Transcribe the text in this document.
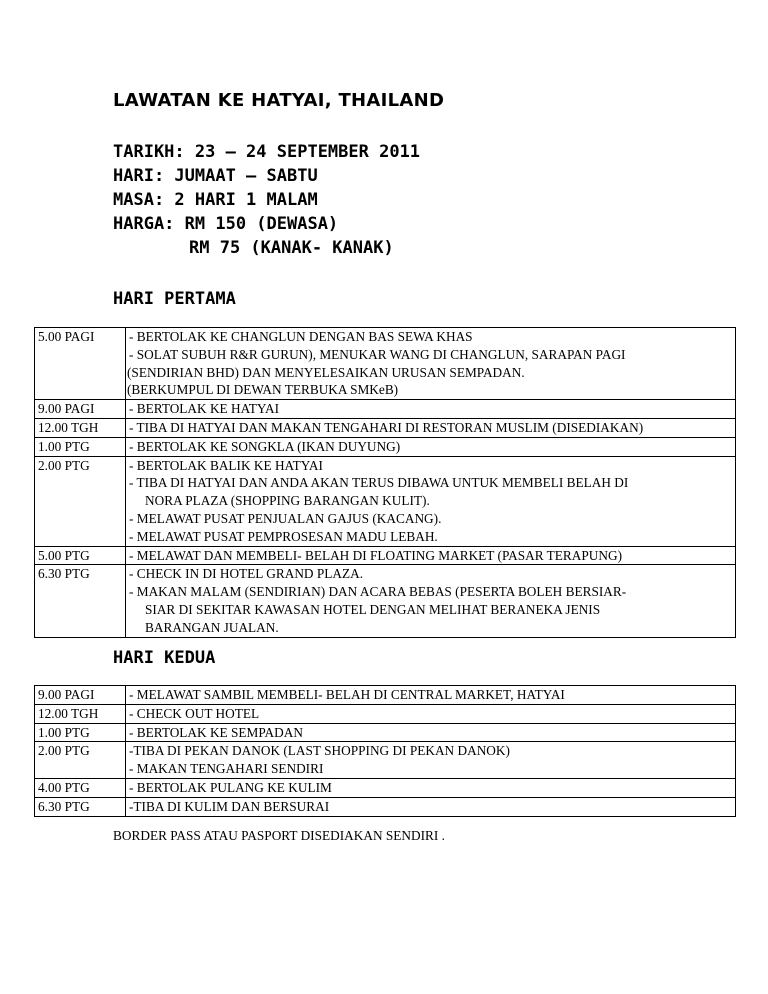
LAWATAN KE HATYAI, THAILAND
TARIKH: 23 – 24 SEPTEMBER 2011
HARI: JUMAAT – SABTU
MASA: 2 HARI 1 MALAM
HARGA: RM 150 (DEWASA)
RM 75 (KANAK- KANAK)
HARI PERTAMA
5.00 PAGI	- BERTOLAK KE CHANGLUN DENGAN BAS SEWA KHAS
- SOLAT SUBUH R&R GURUN), MENUKAR WANG DI CHANGLUN, SARAPAN PAGI
(SENDIRIAN BHD) DAN MENYELESAIKAN URUSAN SEMPADAN.
(BERKUMPUL DI DEWAN TERBUKA SMKeB)

9.00 PAGI	- BERTOLAK KE HATYAI

12.00 TGH	- TIBA DI HATYAI DAN MAKAN TENGAHARI DI RESTORAN MUSLIM (DISEDIAKAN)

1.00 PTG	- BERTOLAK KE SONGKLA (IKAN DUYUNG)

2.00 PTG	- BERTOLAK BALIK KE HATYAI
- TIBA DI HATYAI DAN ANDA AKAN TERUS DIBAWA UNTUK MEMBELI BELAH DI
NORA PLAZA (SHOPPING BARANGAN KULIT).
- MELAWAT PUSAT PENJUALAN GAJUS (KACANG).
- MELAWAT PUSAT PEMPROSESAN MADU LEBAH.

5.00 PTG	- MELAWAT DAN MEMBELI- BELAH DI FLOATING MARKET (PASAR TERAPUNG)

6.30 PTG	- CHECK IN DI HOTEL GRAND PLAZA.
- MAKAN MALAM (SENDIRIAN) DAN ACARA BEBAS (PESERTA BOLEH BERSIAR-
SIAR DI SEKITAR KAWASAN HOTEL DENGAN MELIHAT BERANEKA JENIS
BARANGAN JUALAN.
HARI KEDUA
9.00 PAGI	- MELAWAT SAMBIL MEMBELI- BELAH DI CENTRAL MARKET, HATYAI

12.00 TGH	- CHECK OUT HOTEL

1.00 PTG	- BERTOLAK KE SEMPADAN

2.00 PTG	-TIBA DI PEKAN DANOK (LAST SHOPPING DI PEKAN DANOK)
- MAKAN TENGAHARI SENDIRI

4.00 PTG	- BERTOLAK PULANG KE KULIM

6.30 PTG	-TIBA DI KULIM DAN BERSURAI
BORDER PASS ATAU PASPORT DISEDIAKAN SENDIRI .
